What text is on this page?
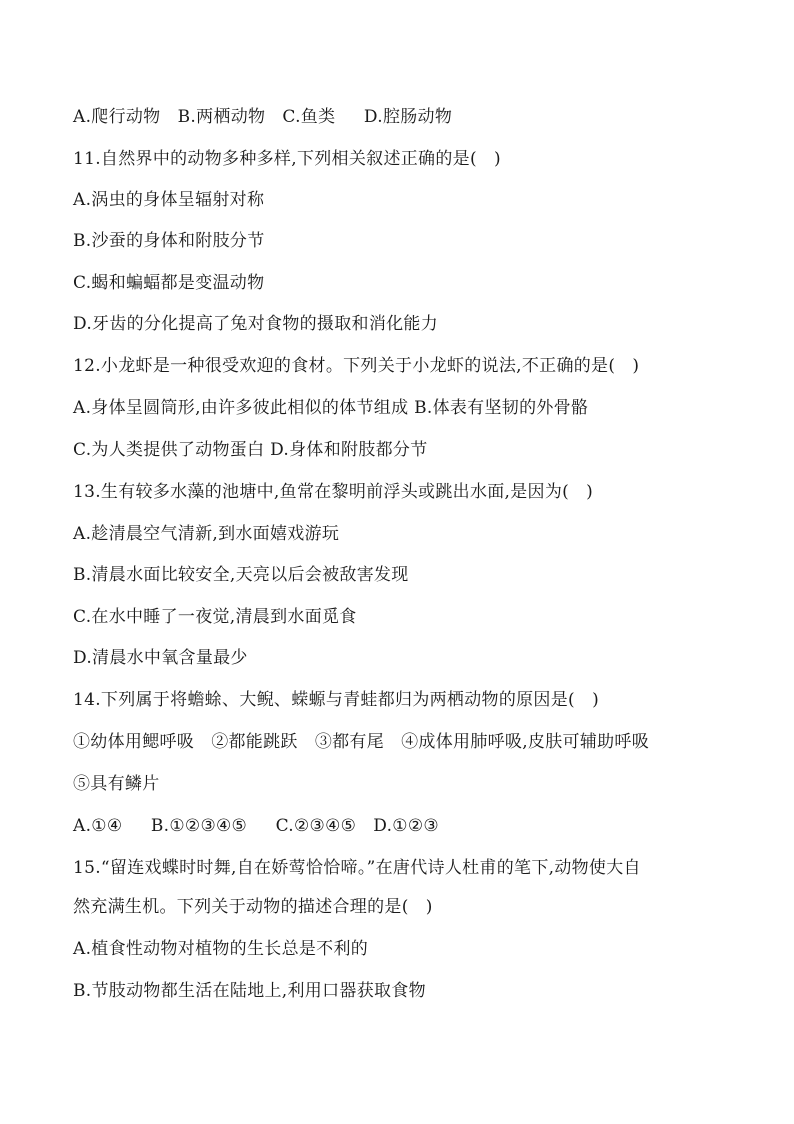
A.爬行动物   B.两栖动物   C.鱼类     D.腔肠动物
11.自然界中的动物多种多样,下列相关叙述正确的是(   )
A.涡虫的身体呈辐射对称
B.沙蚕的身体和附肢分节
C.蝎和蝙蝠都是变温动物
D.牙齿的分化提高了兔对食物的摄取和消化能力
12.小龙虾是一种很受欢迎的食材。下列关于小龙虾的说法,不正确的是(   )
A.身体呈圆筒形,由许多彼此相似的体节组成 B.体表有坚韧的外骨骼
C.为人类提供了动物蛋白 D.身体和附肢都分节
13.生有较多水藻的池塘中,鱼常在黎明前浮头或跳出水面,是因为(   )
A.趁清晨空气清新,到水面嬉戏游玩
B.清晨水面比较安全,天亮以后会被敌害发现
C.在水中睡了一夜觉,清晨到水面觅食
D.清晨水中氧含量最少
14.下列属于将蟾蜍、大鲵、蝾螈与青蛙都归为两栖动物的原因是(   )
①幼体用鳃呼吸   ②都能跳跃   ③都有尾   ④成体用肺呼吸,皮肤可辅助呼吸
⑤具有鳞片
A.①④     B.①②③④⑤     C.②③④⑤   D.①②③
15.“留连戏蝶时时舞,自在娇莺恰恰啼。”在唐代诗人杜甫的笔下,动物使大自
然充满生机。下列关于动物的描述合理的是(   )
A.植食性动物对植物的生长总是不利的
B.节肢动物都生活在陆地上,利用口器获取食物
